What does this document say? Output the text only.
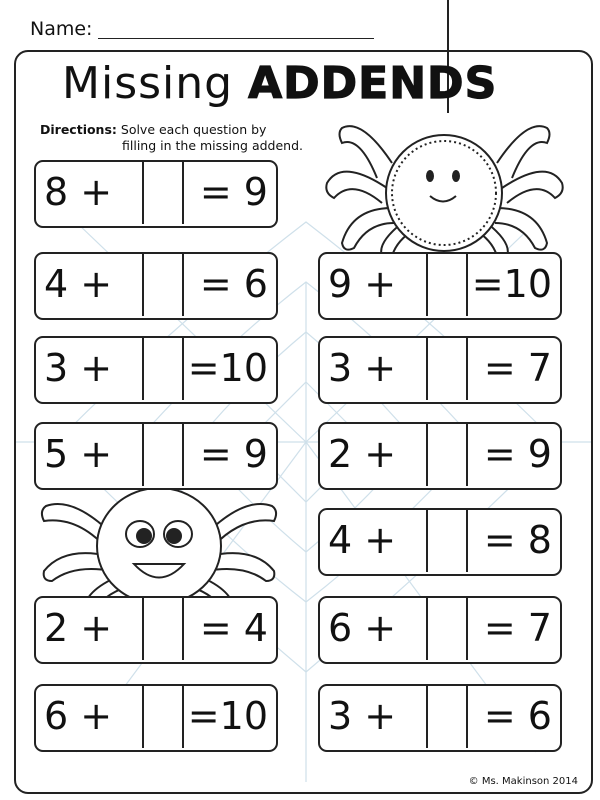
Name:
Missing ADDENDS
Directions: Solve each question by
filling in the missing addend.
8 + = 9
4 + = 6
3 + =10
5 + = 9
2 + = 4
6 + =10
9 + =10
3 + = 7
2 + = 9
4 + = 8
6 + = 7
3 + = 6
© Ms. Makinson 2014
